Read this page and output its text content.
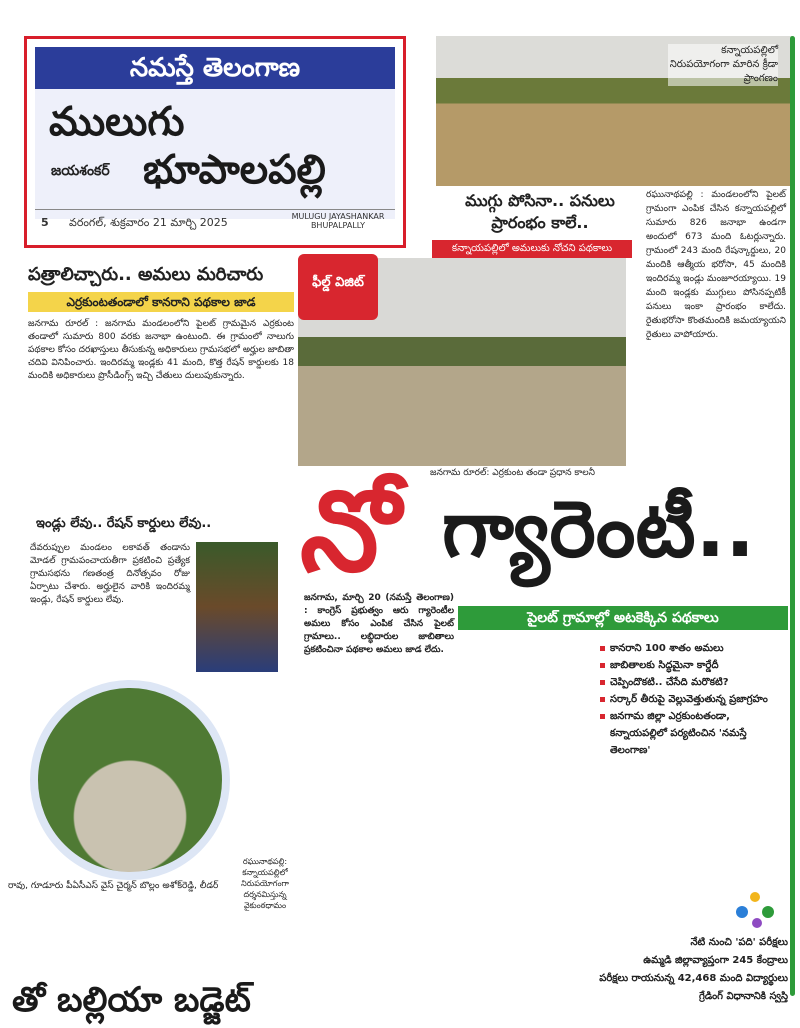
నమస్తే తెలంగాణ
ములుగు
జయశంకర్ భూపాలపల్లి
5 వరంగల్, శుక్రవారం 21 మార్చి 2025	MULUGU JAYASHANKAR BHUPALPALLY
కన్నాయపల్లిలో నిరుపయోగంగా మారిన క్రీడా ప్రాంగణం
ముగ్గు పోసినా.. పనులు ప్రారంభం కాలే..
కన్నాయపల్లిలో అమలుకు నోచని పథకాలు
రఘునాథపల్లి : మండలంలోని పైలట్ గ్రామంగా ఎంపిక చేసిన కన్నాయపల్లిలో సుమారు 826 జనాభా ఉండగా అందులో 673 మంది ఓటర్లున్నారు. గ్రామంలో 243 మంది రేషన్కార్డులు, 20 మందికి ఆత్మీయ భరోసా, 45 మందికి ఇందిరమ్మ ఇండ్లు మంజూరయ్యాయి. 19 మంది ఇండ్లకు ముగ్గులు పోసినప్పటికీ పనులు ఇంకా ప్రారంభం కాలేదు. రైతుభరోసా కొంతమందికి జమయ్యాయని రైతులు వాపోయారు.
పత్రాలిచ్చారు.. అమలు మరిచారు
ఎర్రకుంటతండాలో కానరాని పథకాల జాడ
జనగామ రూరల్ : జనగామ మండలంలోని పైలట్ గ్రామమైన ఎర్రకుంట తండాలో సుమారు 800 వరకు జనాభా ఉంటుంది. ఈ గ్రామంలో నాలుగు పథకాల కోసం దరఖాస్తులు తీసుకున్న అధికారులు గ్రామసభలో అర్హుల జాబితా చదివి వినిపించారు. ఇందిరమ్మ ఇండ్లకు 41 మంది, కొత్త రేషన్ కార్డులకు 18 మందికి అధికారులు ప్రొసీడింగ్స్ ఇచ్చి చేతులు దులుపుకున్నారు.
ఫీల్డ్ విజిట్
జనగామ రూరల్: ఎర్రకుంట తండా ప్రధాన కాలనీ
నో గ్యారెంటీ..
ఇండ్లు లేవు.. రేషన్ కార్డులు లేవు..
దేవరుప్పుల మండలం లకావత్ తండాను మోడల్ గ్రామపంచాయతీగా ప్రకటించి ప్రత్యేక గ్రామసభను గణతంత్ర దినోత్సవం రోజు ఏర్పాటు చేశారు. అర్హులైన వారికి ఇందిరమ్మ ఇండ్లు, రేషన్ కార్డులు లేవు.
రఘునాథపల్లి: కన్నాయపల్లిలో నిరుపయోగంగా దర్శనమిస్తున్న వైకుంఠధామం
జనగామ, మార్చి 20 (నమస్తే తెలంగాణ) : కాంగ్రెస్ ప్రభుత్వం ఆరు గ్యారెంటీల అమలు కోసం ఎంపిక చేసిన పైలట్ గ్రామాలు.. లబ్ధిదారుల జాబితాలు ప్రకటించినా పథకాల అమలు జాడ లేదు.
పైలట్ గ్రామాల్లో అటకెక్కిన పథకాలు
కానరాని 100 శాతం అమలు
జాబితాలకు సిద్ధమైనా కార్డేదీ
చెప్పిందొకటి.. చేసేది మరొకటి?
సర్కార్ తీరుపై వెల్లువెత్తుతున్న ప్రజాగ్రహం
జనగామ జిల్లా ఎర్రకుంటతండా, కన్నాయపల్లిలో పర్యటించిన 'నమస్తే తెలంగాణ'
రావు, గూడూరు పీఏసీఎస్ వైస్ చైర్మన్ బొల్లం అశోక్‌రెడ్డి, లీడర్
తో బల్లియా బడ్జెట్
నేటి నుంచి 'పది' పరీక్షలు
ఉమ్మడి జిల్లావ్యాప్తంగా 245 కేంద్రాలు
పరీక్షలు రాయనున్న 42,468 మంది విద్యార్థులు
గ్రేడింగ్ విధానానికి స్వస్తి
